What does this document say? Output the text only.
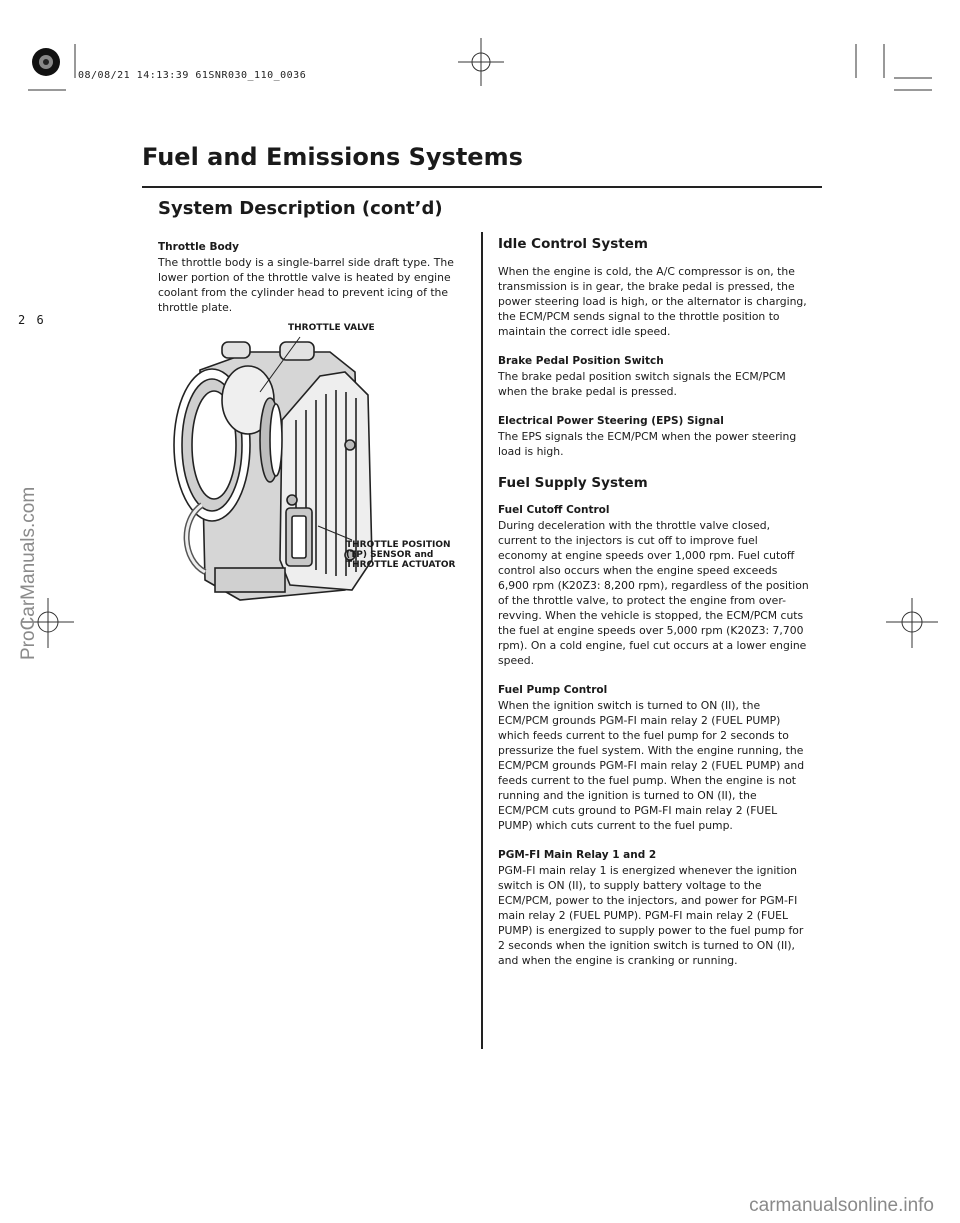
08/08/21 14:13:39 61SNR030_110_0036
Fuel and Emissions Systems
System Description (cont’d)
2 6

Throttle Body

The throttle body is a single-barrel side draft type. The lower portion of the throttle valve is heated by engine coolant from the cylinder head to prevent icing of the throttle plate.

THROTTLE VALVE
THROTTLE POSITION
(TP) SENSOR and
THROTTLE ACTUATOR
Idle Control System

When the engine is cold, the A/C compressor is on, the transmission is in gear, the brake pedal is pressed, the power steering load is high, or the alternator is charging, the ECM/PCM sends signal to the throttle position to maintain the correct idle speed.

Brake Pedal Position Switch

The brake pedal position switch signals the ECM/PCM when the brake pedal is pressed.

Electrical Power Steering (EPS) Signal

The EPS signals the ECM/PCM when the power steering load is high.

Fuel Supply System

Fuel Cutoff Control

During deceleration with the throttle valve closed, current to the injectors is cut off to improve fuel economy at engine speeds over 1,000 rpm. Fuel cutoff control also occurs when the engine speed exceeds 6,900 rpm (K20Z3: 8,200 rpm), regardless of the position of the throttle valve, to protect the engine from over-revving. When the vehicle is stopped, the ECM/PCM cuts the fuel at engine speeds over 5,000 rpm (K20Z3: 7,700 rpm). On a cold engine, fuel cut occurs at a lower engine speed.

Fuel Pump Control

When the ignition switch is turned to ON (II), the ECM/PCM grounds PGM-FI main relay 2 (FUEL PUMP) which feeds current to the fuel pump for 2 seconds to pressurize the fuel system. With the engine running, the ECM/PCM grounds PGM-FI main relay 2 (FUEL PUMP) and feeds current to the fuel pump. When the engine is not running and the ignition is turned to ON (II), the ECM/PCM cuts ground to PGM-FI main relay 2 (FUEL PUMP) which cuts current to the fuel pump.

PGM-FI Main Relay 1 and 2

PGM-FI main relay 1 is energized whenever the ignition switch is ON (II), to supply battery voltage to the ECM/PCM, power to the injectors, and power for PGM-FI main relay 2 (FUEL PUMP). PGM-FI main relay 2 (FUEL PUMP) is energized to supply power to the fuel pump for 2 seconds when the ignition switch is turned to ON (II), and when the engine is cranking or running.

ProCarManuals.com
carmanualsonline.info
